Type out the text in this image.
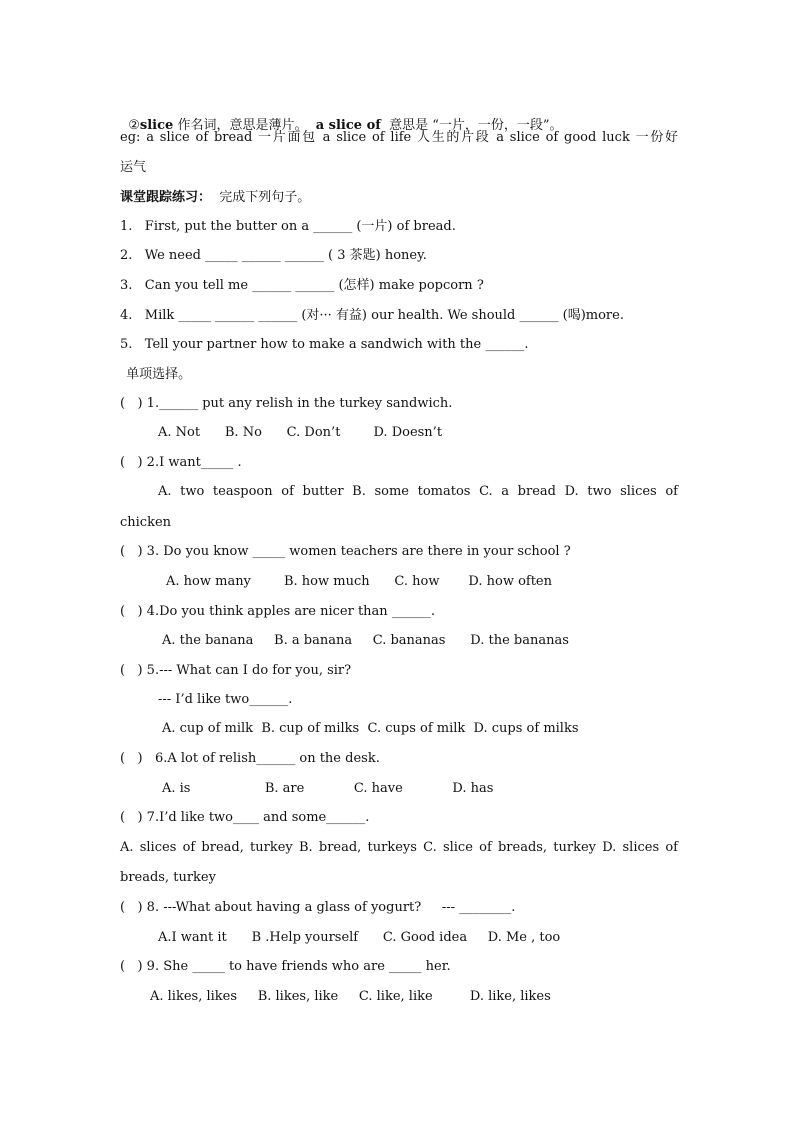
②slice 作名词，意思是薄片。  a slice of  意思是 “一片，一份，一段”。

eg: a slice of bread 一片面包 a slice of life 人生的片段 a slice of good luck 一份好
运气
课堂跟踪练习：  完成下列句子。
1.   First, put the butter on a ______ (一片) of bread.
2.   We need _____ ______ ______ ( 3 茶匙) honey.
3.   Can you tell me ______ ______ (怎样) make popcorn ?
4.   Milk _____ ______ ______ (对··· 有益) our health. We should ______ (喝)more.
5.   Tell your partner how to make a sandwich with the ______.
单项选择。
(   ) 1.______ put any relish in the turkey sandwich.
A. Not      B. No      C. Don’t        D. Doesn’t
(   ) 2.I want_____ .
A. two teaspoon of butter B. some tomatos C. a bread D. two slices of
chicken
(   ) 3. Do you know _____ women teachers are there in your school ?
A. how many        B. how much      C. how       D. how often
(   ) 4.Do you think apples are nicer than ______.
A. the banana     B. a banana     C. bananas      D. the bananas
(   ) 5.--- What can I do for you, sir?
--- I’d like two______.
A. cup of milk  B. cup of milks  C. cups of milk  D. cups of milks
(   )   6.A lot of relish______ on the desk.
A. is                  B. are            C. have            D. has
(   ) 7.I’d like two____ and some______.
A. slices of bread, turkey B. bread, turkeys C. slice of breads, turkey D. slices of
breads, turkey
(   ) 8. ---What about having a glass of yogurt?     --- ________.
A.I want it      B .Help yourself      C. Good idea     D. Me , too
(   ) 9. She _____ to have friends who are _____ her.
A. likes, likes     B. likes, like     C. like, like         D. like, likes
